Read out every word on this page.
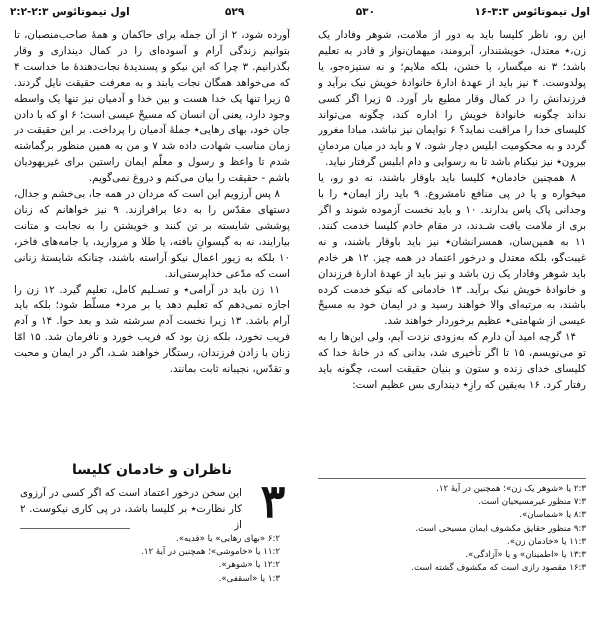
اول تیموتائوس ۳:۳-۱۶
۵۳۰
۵۲۹
اول تیموتائوس ۲:۳-۲:۲

این رو، ناظر کلیسا باید به دور از ملامت، شوهر وفادار یک زن،٭ معتدل، خویشتندار، آبرومند، میهمان‌نواز و قادر به تعلیم باشد؛ ۳ نه میگسار، یا خشن، بلکه ملایم؛ و نه ستیزه‌جو، یا پولدوست. ۴ نیز باید از عهدهٔ ادارهٔ خانوادهٔ خویش نیک برآید و فرزندانش را در کمال وقار مطیع بار آورد. ۵ زیرا اگر کسی نداند چگونه خانوادهٔ خویش را اداره کند، چگونه می‌تواند کلیسای خدا را مراقبت نماید؟ ۶ نوایمان نیز نباشد، مبادا مغرور گردد و به محکومیت ابلیس دچار شود. ۷ و باید در میان مردمانِ بیرون٭ نیز نیکنام باشد تا به رسوایی و دام ابلیس گرفتار نیاید.

۸ همچنین خادمان٭ کلیسا باید باوقار باشند، نه دو رو، یا میخواره و یا در پی منافع نامشروع. ۹ باید راز ایمان٭ را با وجدانی پاک پاس بدارند. ۱۰ و باید نخست آزموده شوند و اگر بری از ملامت یافت شـدند، در مقام خادم کلیسا خدمت کنند. ۱۱ به همین‌سان، همسرانشان٭ نیز باید باوقار باشند، و نه غیبت‌گو، بلکه معتدل و در‌خور اعتماد در همه چیز. ۱۲ هر خادم باید شوهر وفادار یک زن باشد و نیز باید از عهدهٔ ادارهٔ فرزندان و خانوادهٔ خویش نیک برآید. ۱۳ خادمانی که نیکو خدمت کرده باشند، به مرتبه‌ای والا خواهند رسید و در ایمان خود به مسیحْ عیسی از شهامتی٭ عظیم برخوردار خواهند شد.

۱۴ گرچه امید آن دارم که به‌زودی نزدت آیم، ولی این‌ها را به تو می‌نویسم، ۱۵ تا اگر تأخیری شد، بدانی که در خانهٔ خدا که کلیسای خدای زنده و ستون و بنیان حقیقت است، چگونه باید رفتار کرد. ۱۶ به‌یقین که رازِ٭ دینداری بس عظیم است:

۲:۳ یا «شوهر یک زن»؛ همچنین در آیهٔ ۱۲.
۷:۳ منظور غیرمسیحیان است.
۸:۳ یا «شماسان».
۹:۳ منظور حقایق مکشوف ایمان مسیحی است.
۱۱:۳ یا «خادمان زن».
۱۳:۳ یا «اطمینان» و یا «آزادگی».
۱۶:۳ مقصود رازی است که مکشوف گشته است.

آورده شود، ۲ از آن جمله برای حاکمان و همهٔ صاحب‌منصبان، تا بتوانیم زندگی آرام و آسوده‌ای را در کمال دینداری و وقار بگذرانیم. ۳ چرا که این نیکو و پسندیدهٔ نجات‌دهندهٔ ما خداست ۴ که می‌خواهد همگان نجات یابند و به معرفت حقیقت نایل گردند. ۵ زیرا تنها یک خدا هست و بین خدا و آدمیان نیز تنها یک واسطه وجود دارد، یعنی آن انسان که مسیحْ عیسی است؛ ۶ او که با دادن جان خود، بهای رهایی٭ جملهٔ آدمیان را پرداخت. بر این حقیقت در زمان مناسب شهادت داده شد ۷ و من به همین منظور برگماشته شدم تا واعظ و رسول و معلّم ایمان راستین برای غیریهودیان باشم - حقیقت را بیان می‌کنم و دروغ نمی‌گویم.

۸ پس آرزویم این است که مردان در همه جا، بی‌خشم و جدال، دستهای مقدّس را به دعا برافرازند. ۹ نیز خواهانم که زنان پوششی شایسته بر تن کنند و خویشتن را به نجابت و متانت بیارایند، نه به گیسوانِ بافته، یا طلا و مروارید، یا جامه‌های فاخر، ۱۰ بلکه به زیور اعمال نیکو آراسته باشند، چنانکه شایستهٔ زنانی است که مدّعی خداپرستی‌اند.

۱۱ زن باید در آرامی٭ و تسـلیم کامل، تعلیم گیرد. ۱۲ زن را اجازه نمی‌دهم که تعلیم دهد یا بر مرد٭ مسلّط شود؛ بلکه باید آرام باشد. ۱۳ زیرا نخست آدم سرشته شد و بعد حوا. ۱۴ و آدم فریب نخورد، بلکه زن بود که فریب خورد و نافرمان شد. ۱۵ امّا زنان با زادن فرزندان، رستگار خواهند شـد، اگر در ایمان و محبت و تقدّس، نجیبانه ثابت بمانند.

ناظران و خادمان کلیسا
۳
این سخن درخور اعتماد است که اگر کسی در آرزوی کار نظارت٭ بر کلیسا باشد، در پی کاری نیکوست. ۲ از
۶:۲ «بهای رهایی» یا «فدیه».
۱۱:۲ یا «خاموشی»؛ همچنین در آیهٔ ۱۲.
۱۲:۲ یا «شوهر».
۱:۳ یا «اسقفی».
